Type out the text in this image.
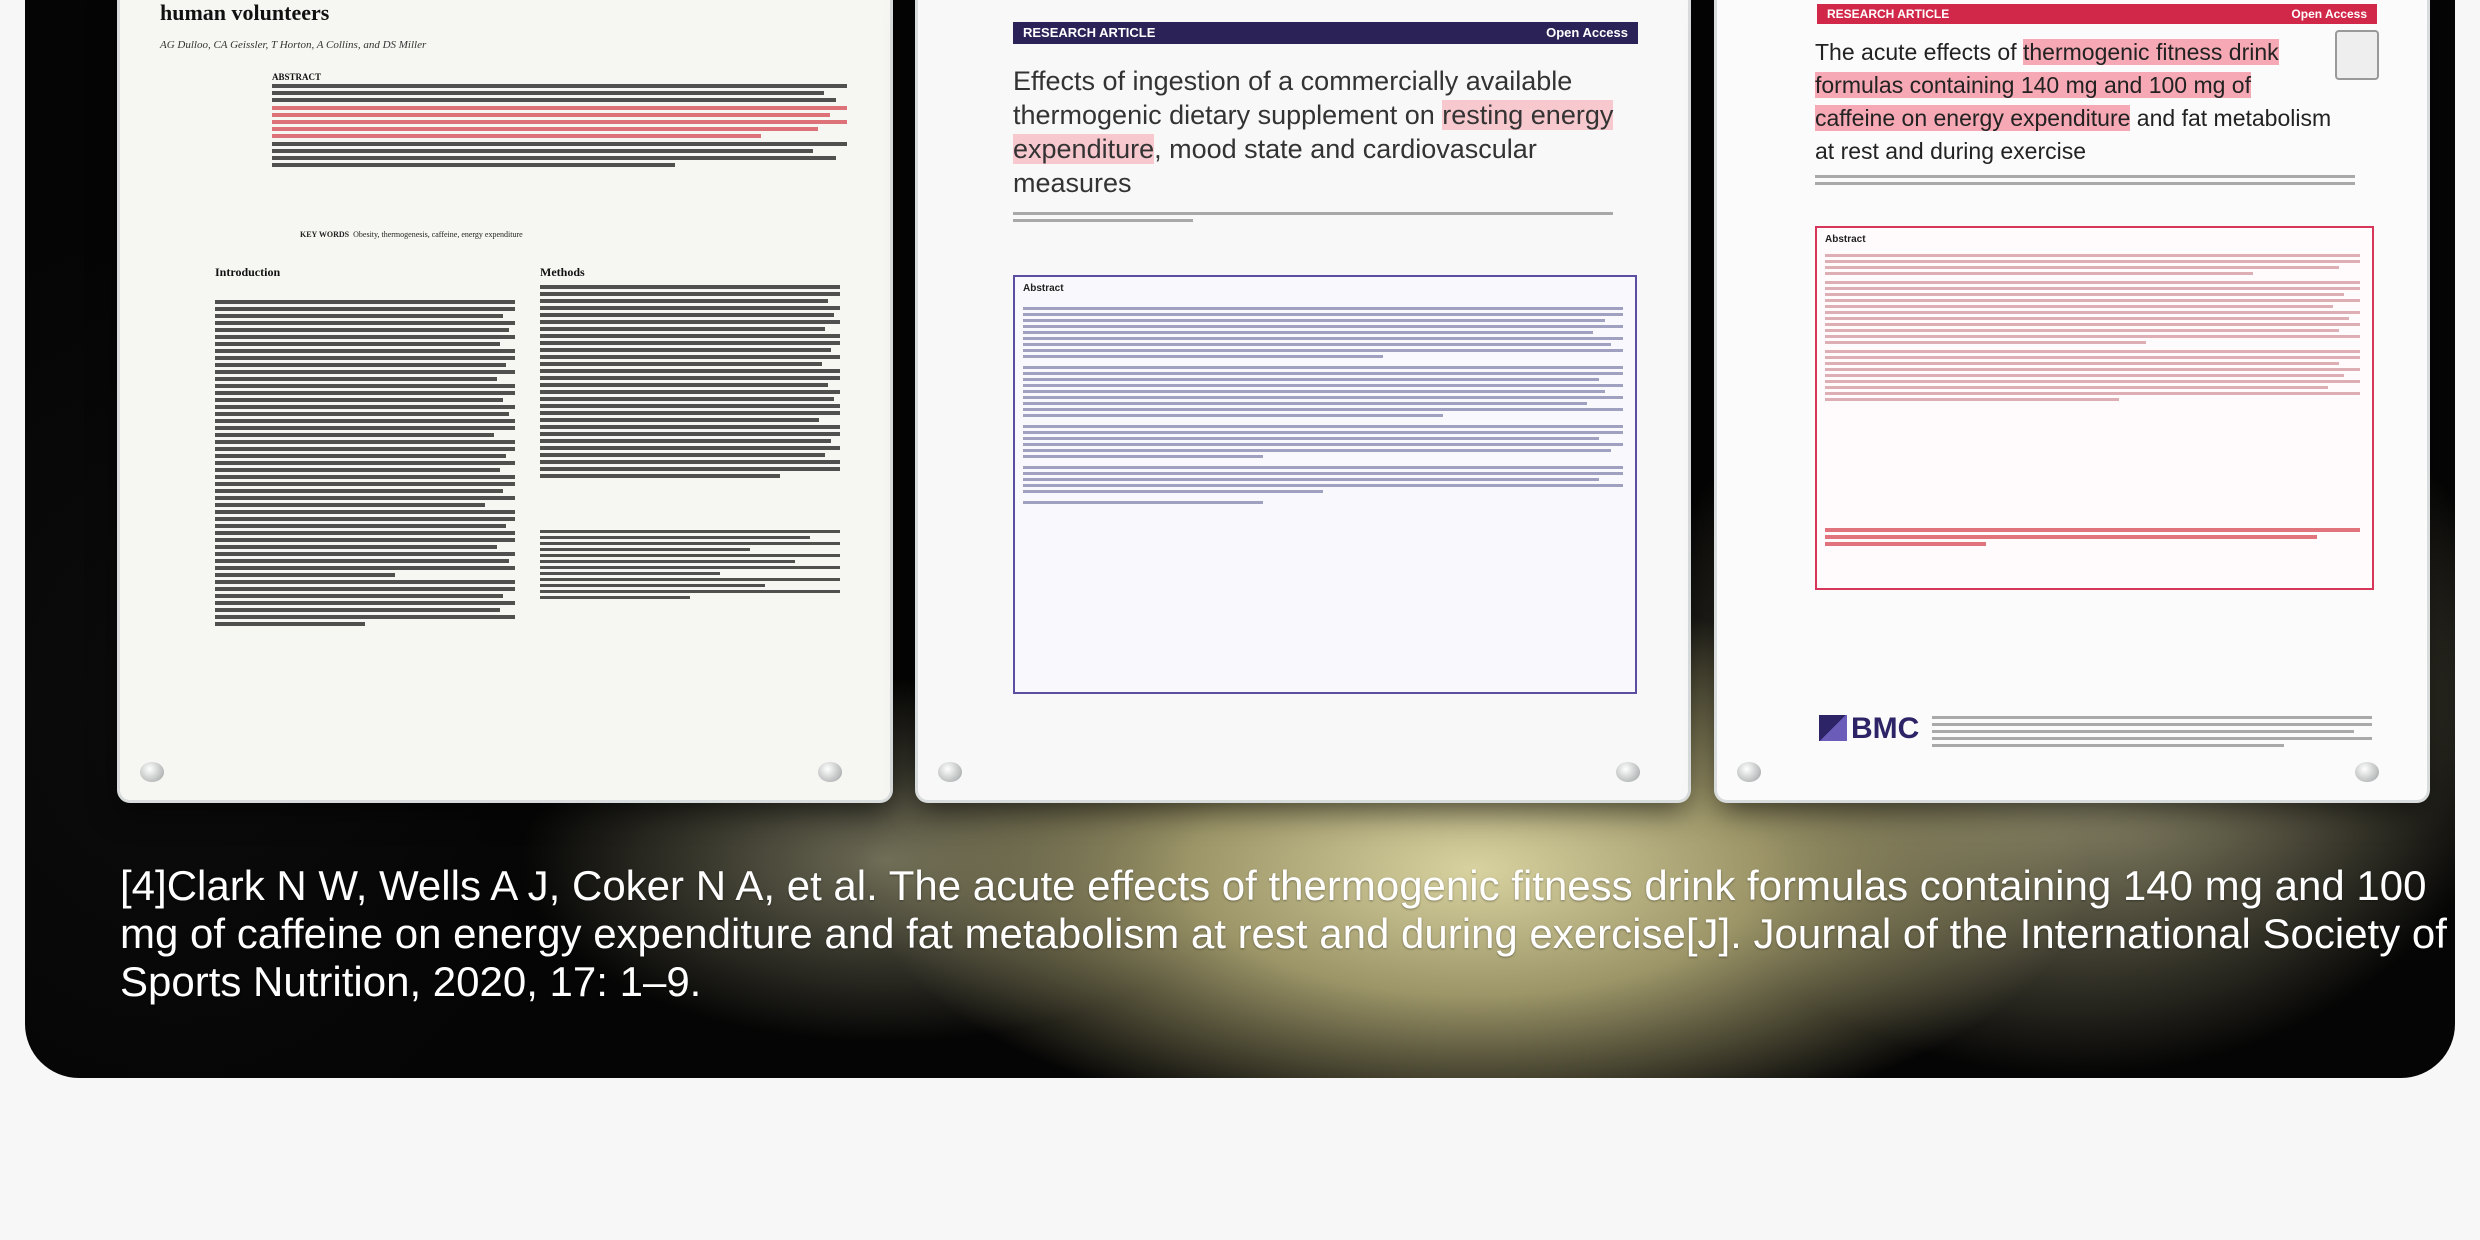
human volunteers
AG Dulloo, CA Geissler, T Horton, A Collins, and DS Miller
ABSTRACT
KEY WORDS Obesity, thermogenesis, caffeine, energy expenditure
Introduction	Methods
RESEARCH ARTICLE	Open Access
Effects of ingestion of a commercially available thermogenic dietary supplement on resting energy expenditure, mood state and cardiovascular measures
Abstract
RESEARCH ARTICLE	Open Access
The acute effects of thermogenic fitness drink formulas containing 140 mg and 100 mg of caffeine on energy expenditure and fat metabolism at rest and during exercise
Abstract
BMC
[4]Clark N W, Wells A J, Coker N A, et al. The acute effects of thermogenic fitness drink formulas containing 140 mg and 100 mg of caffeine on energy expenditure and fat metabolism at rest and during exercise[J]. Journal of the International Society of Sports Nutrition, 2020, 17: 1–9.
